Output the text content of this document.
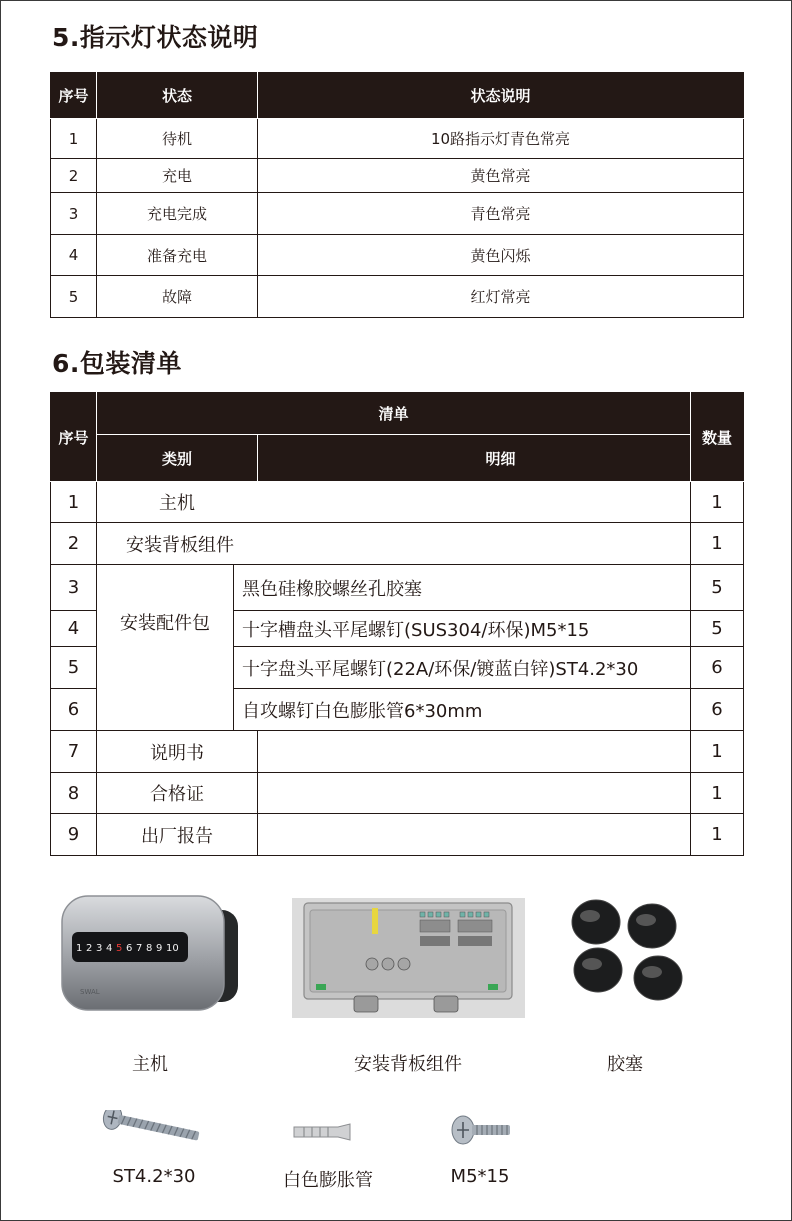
5.指示灯状态说明
序号	状态	状态说明
1	待机	10路指示灯青色常亮
2	充电	黄色常亮
3	充电完成	青色常亮
4	准备充电	黄色闪烁
5	故障	红灯常亮
6.包装清单
序号	清单			数量
	类别		明细	
1	主机			1
2	安装背板组件			1
3	安装配件包	黑色硅橡胶螺丝孔胶塞		5
4		十字槽盘头平尾螺钉(SUS304/环保)M5*15		5
5		十字盘头平尾螺钉(22A/环保/镀蓝白锌)ST4.2*30		6
6		自攻螺钉白色膨胀管6*30mm		6
7	说明书			1
8	合格证			1
9	出厂报告			1
1 2 3 4 5 6 7 8 9 10
SWAL
主机	安装背板组件	胶塞
ST4.2*30	白色膨胀管	M5*15
